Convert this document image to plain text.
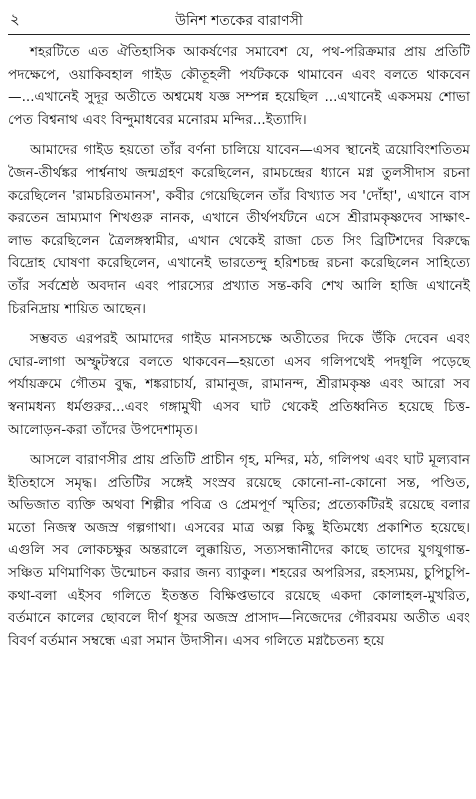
২	উনিশ শতকের বারাণসী

শহরটিতে এত ঐতিহাসিক আকর্ষণের সমাবেশ যে, পথ-পরিক্রমার প্রায় প্রতিটি পদক্ষেপে, ওয়াকিবহাল গাইড কৌতূহলী পর্যটককে থামাবেন এবং বলতে থাকবেন—...এখানেই সুদূর অতীতে অশ্বমেধ যজ্ঞ সম্পন্ন হয়েছিল ...এখানেই একসময় শোভা পেত বিশ্বনাথ এবং বিন্দুমাধবের মনোরম মন্দির...ইত্যাদি।

আমাদের গাইড হয়তো তাঁর বর্ণনা চালিয়ে যাবেন—এসব স্থানেই ত্রয়োবিংশতিতম জৈন-তীর্থঙ্কর পার্শ্বনাথ জন্মগ্রহণ করেছিলেন, রামচন্দ্রের ধ্যানে মগ্ন তুলসীদাস রচনা করেছিলেন 'রামচরিতমানস', কবীর গেয়েছিলেন তাঁর বিখ্যাত সব 'দোঁহা', এখানে বাস করতেন ভ্রাম্যমাণ শিখগুরু নানক, এখানে তীর্থপর্যটনে এসে শ্রীরামকৃষ্ণদেব সাক্ষাৎ-লাভ করেছিলেন ত্রৈলঙ্গস্বামীর, এখান থেকেই রাজা চেত সিং ব্রিটিশদের বিরুদ্ধে বিদ্রোহ ঘোষণা করেছিলেন, এখানেই ভারতেন্দু হরিশচন্দ্র রচনা করেছিলেন সাহিত্যে তাঁর সর্বশ্রেষ্ঠ অবদান এবং পারস্যের প্রখ্যাত সন্ত-কবি শেখ আলি হাজি এখানেই চিরনিদ্রায় শায়িত আছেন।

সম্ভবত এরপরই আমাদের গাইড মানসচক্ষে অতীতের দিকে উঁকি দেবেন এবং ঘোর-লাগা অস্ফুটস্বরে বলতে থাকবেন—হয়তো এসব গলিপথেই পদধূলি পড়েছে পর্যায়ক্রমে গৌতম বুদ্ধ, শঙ্করাচার্য, রামানুজ, রামানন্দ, শ্রীরামকৃষ্ণ এবং আরো সব স্বনামধন্য ধর্মগুরুর...এবং গঙ্গামুখী এসব ঘাট থেকেই প্রতিধ্বনিত হয়েছে চিত্ত-আলোড়ন-করা তাঁদের উপদেশামৃত।

আসলে বারাণসীর প্রায় প্রতিটি প্রাচীন গৃহ, মন্দির, মঠ, গলিপথ এবং ঘাট মূল্যবান ইতিহাসে সমৃদ্ধ। প্রতিটির সঙ্গেই সংস্রব রয়েছে কোনো-না-কোনো সন্ত, পণ্ডিত, অভিজাত ব্যক্তি অথবা শিল্পীর পবিত্র ও প্রেমপূর্ণ স্মৃতির; প্রত্যেকটিরই রয়েছে বলার মতো নিজস্ব অজস্র গল্পগাথা। এসবের মাত্র অল্প কিছু ইতিমধ্যে প্রকাশিত হয়েছে। এগুলি সব লোকচক্ষুর অন্তরালে লুক্কায়িত, সত্যসন্ধানীদের কাছে তাদের যুগযুগান্ত-সঞ্চিত মণিমাণিক্য উন্মোচন করার জন্য ব্যাকুল। শহরের অপরিসর, রহস্যময়, চুপিচুপি-কথা-বলা এইসব গলিতে ইতস্তত বিক্ষিপ্তভাবে রয়েছে একদা কোলাহল-মুখরিত, বর্তমানে কালের ছোবলে দীর্ণ ধূসর অজস্র প্রাসাদ—নিজেদের গৌরবময় অতীত এবং বিবর্ণ বর্তমান সম্বন্ধে এরা সমান উদাসীন। এসব গলিতে মগ্নচৈতন্য হয়ে
